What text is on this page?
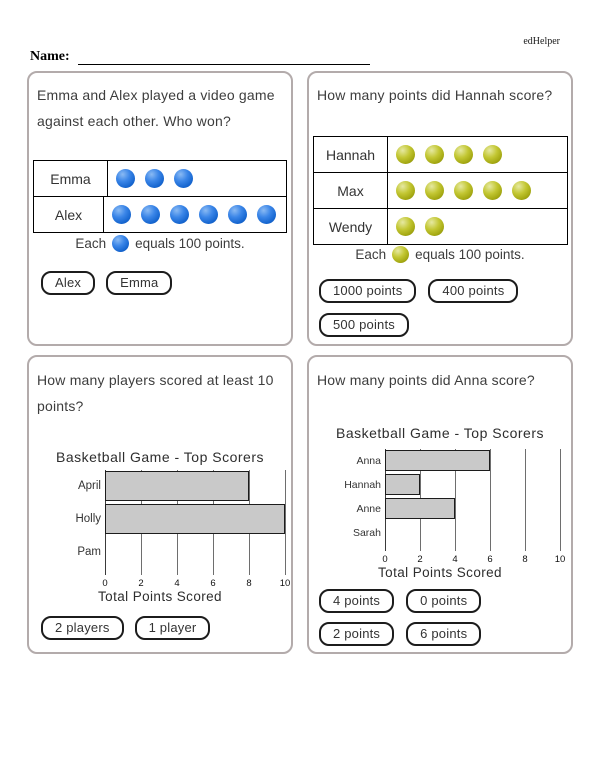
edHelper
Name:
Emma and Alex played a video game
against each other. Who won?
Emma
Alex
Each equals 100 points.
Alex	Emma
How many points did Hannah score?
Hannah
Max
Wendy
Each equals 100 points.
1000 points	400 points
500 points
How many players scored at least 10
points?
Basketball Game - Top Scorers
0	2	4	6	8	10
April
Holly
Pam
Total Points Scored
2 players	1 player
How many points did Anna score?
Basketball Game - Top Scorers
0	2	4	6	8	10
Anna
Hannah
Anne
Sarah
Total Points Scored
4 points	0 points
2 points	6 points
